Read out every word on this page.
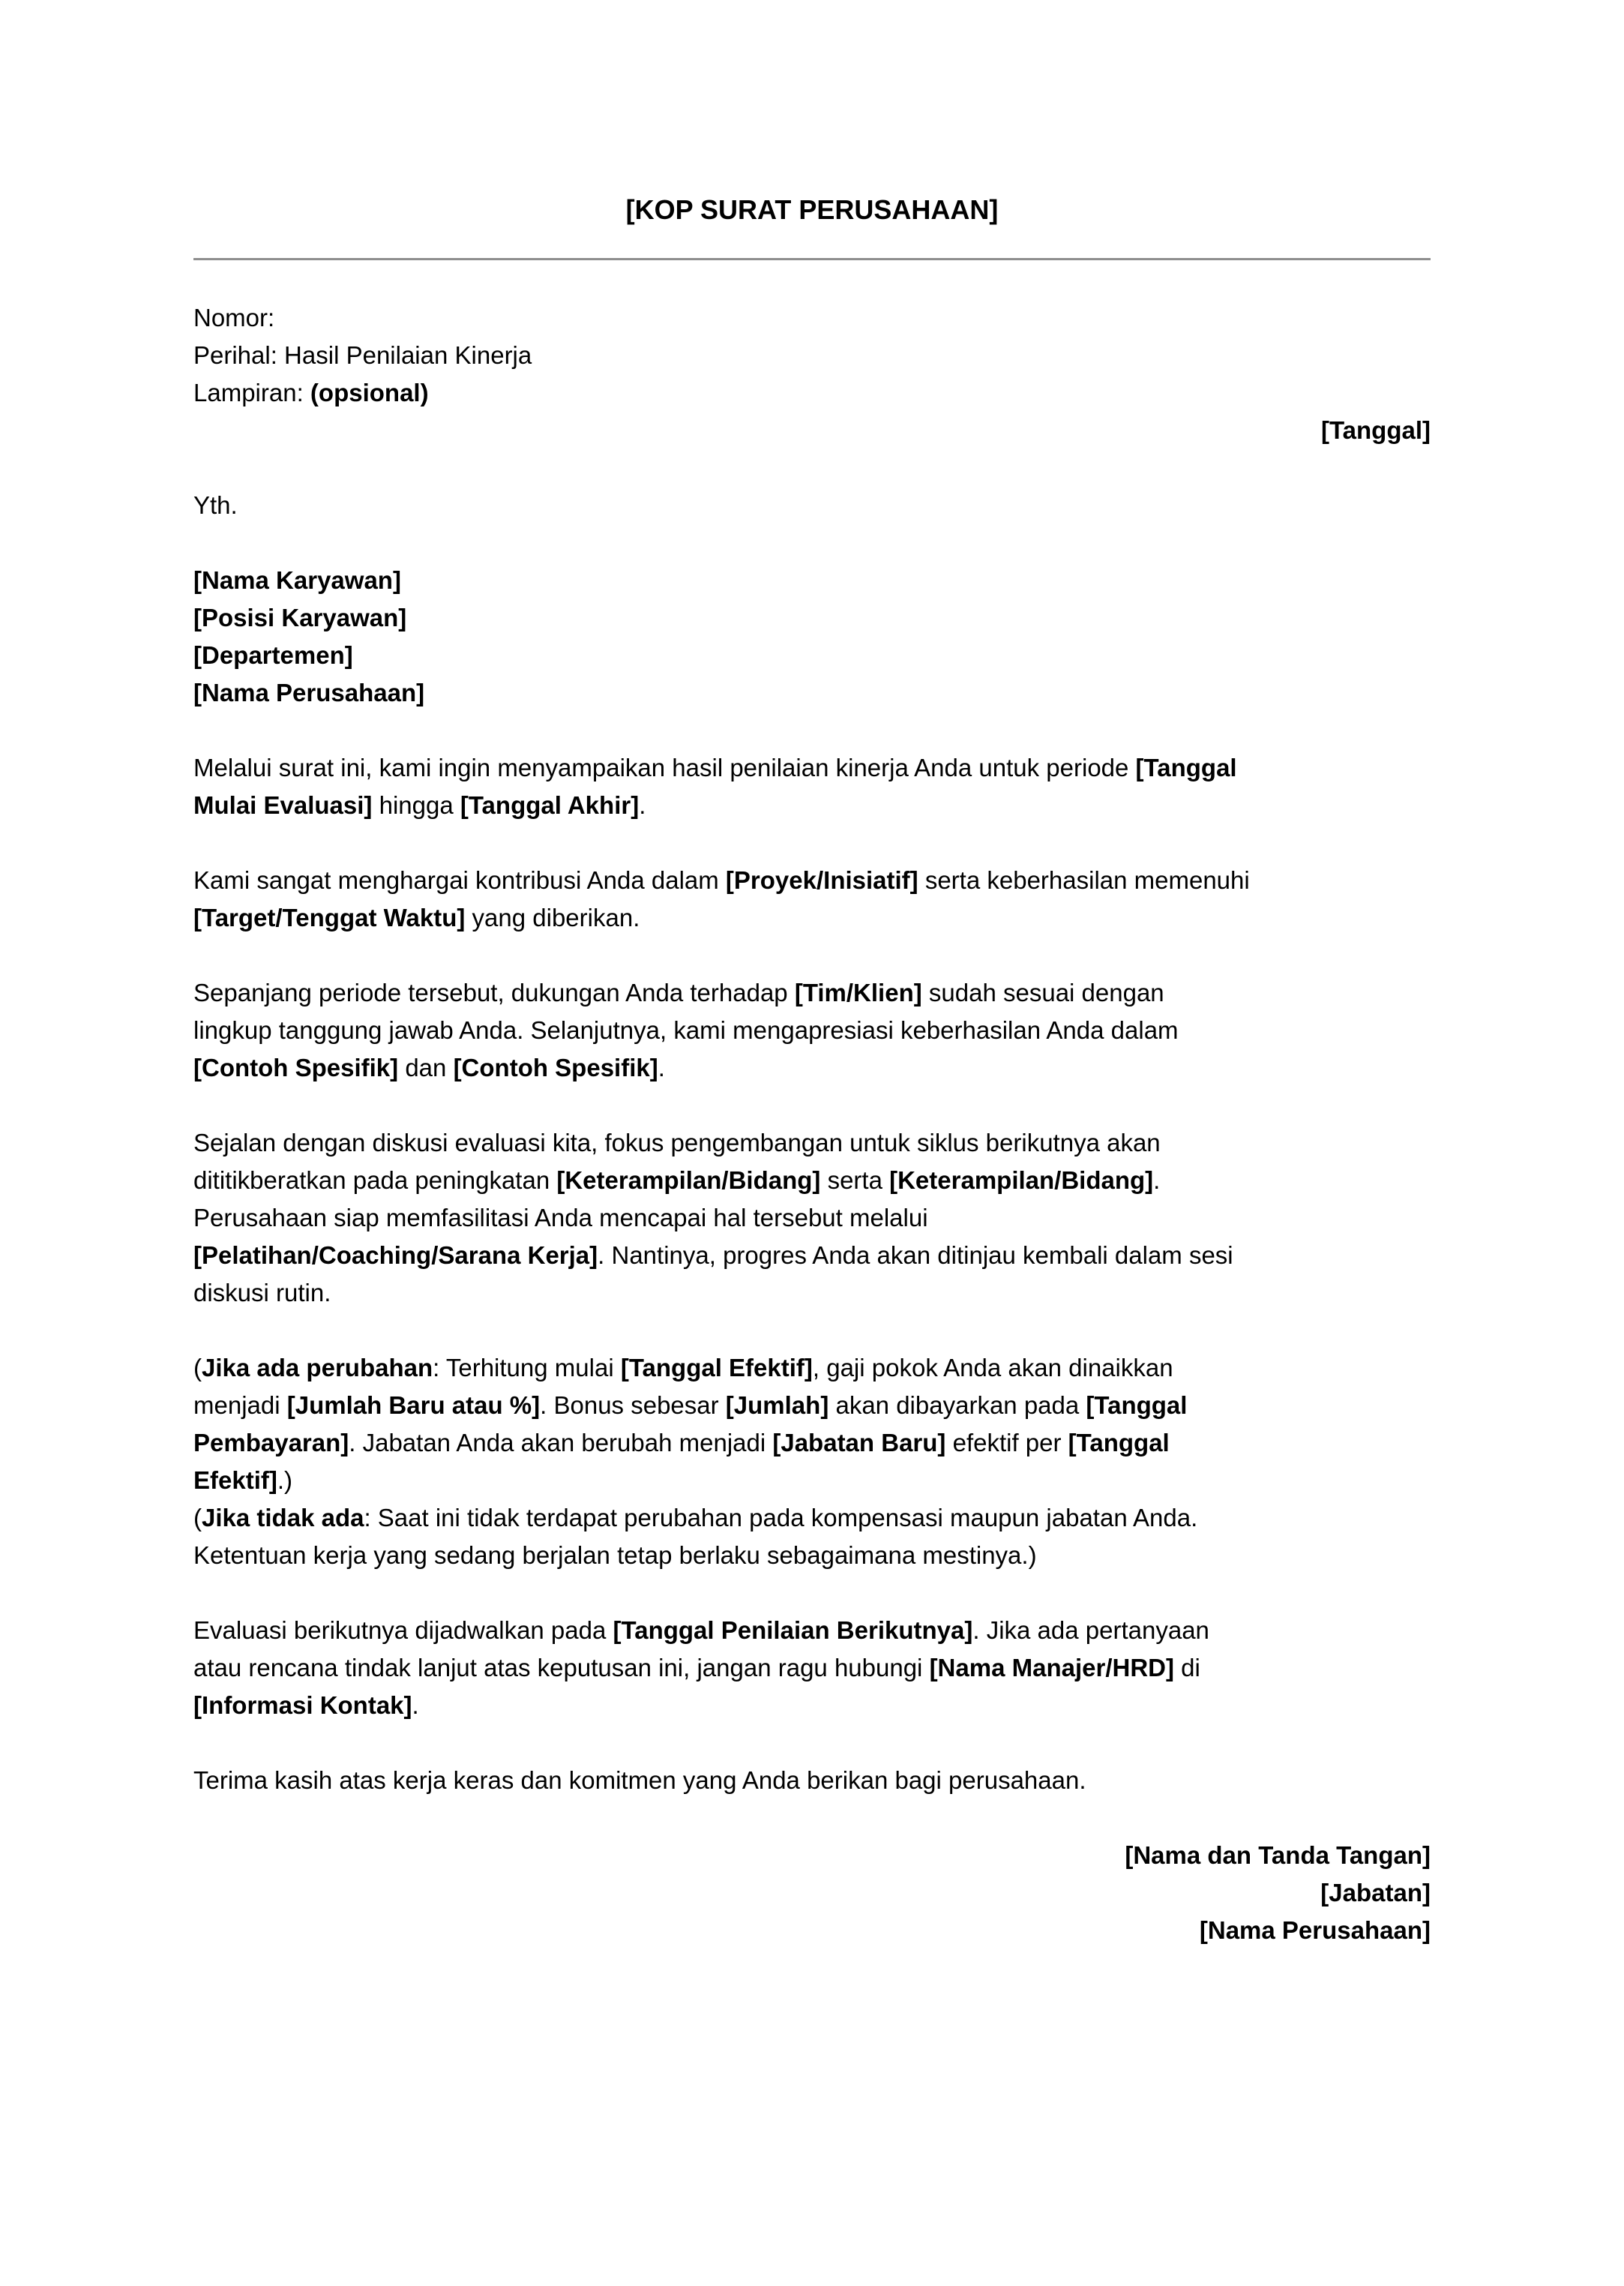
[KOP SURAT PERUSAHAAN]
Nomor:
Perihal: Hasil Penilaian Kinerja
Lampiran: (opsional)
[Tanggal]
Yth.
[Nama Karyawan]
[Posisi Karyawan]
[Departemen]
[Nama Perusahaan]
Melalui surat ini, kami ingin menyampaikan hasil penilaian kinerja Anda untuk periode [Tanggal
Mulai Evaluasi] hingga [Tanggal Akhir].
Kami sangat menghargai kontribusi Anda dalam [Proyek/Inisiatif] serta keberhasilan memenuhi
[Target/Tenggat Waktu] yang diberikan.
Sepanjang periode tersebut, dukungan Anda terhadap [Tim/Klien] sudah sesuai dengan
lingkup tanggung jawab Anda. Selanjutnya, kami mengapresiasi keberhasilan Anda dalam
[Contoh Spesifik] dan [Contoh Spesifik].
Sejalan dengan diskusi evaluasi kita, fokus pengembangan untuk siklus berikutnya akan
dititikberatkan pada peningkatan [Keterampilan/Bidang] serta [Keterampilan/Bidang].
Perusahaan siap memfasilitasi Anda mencapai hal tersebut melalui
[Pelatihan/Coaching/Sarana Kerja]. Nantinya, progres Anda akan ditinjau kembali dalam sesi
diskusi rutin.
(Jika ada perubahan: Terhitung mulai [Tanggal Efektif], gaji pokok Anda akan dinaikkan
menjadi [Jumlah Baru atau %]. Bonus sebesar [Jumlah] akan dibayarkan pada [Tanggal
Pembayaran]. Jabatan Anda akan berubah menjadi [Jabatan Baru] efektif per [Tanggal
Efektif].)
(Jika tidak ada: Saat ini tidak terdapat perubahan pada kompensasi maupun jabatan Anda.
Ketentuan kerja yang sedang berjalan tetap berlaku sebagaimana mestinya.)
Evaluasi berikutnya dijadwalkan pada [Tanggal Penilaian Berikutnya]. Jika ada pertanyaan
atau rencana tindak lanjut atas keputusan ini, jangan ragu hubungi [Nama Manajer/HRD] di
[Informasi Kontak].
Terima kasih atas kerja keras dan komitmen yang Anda berikan bagi perusahaan.
[Nama dan Tanda Tangan]
[Jabatan]
[Nama Perusahaan]
